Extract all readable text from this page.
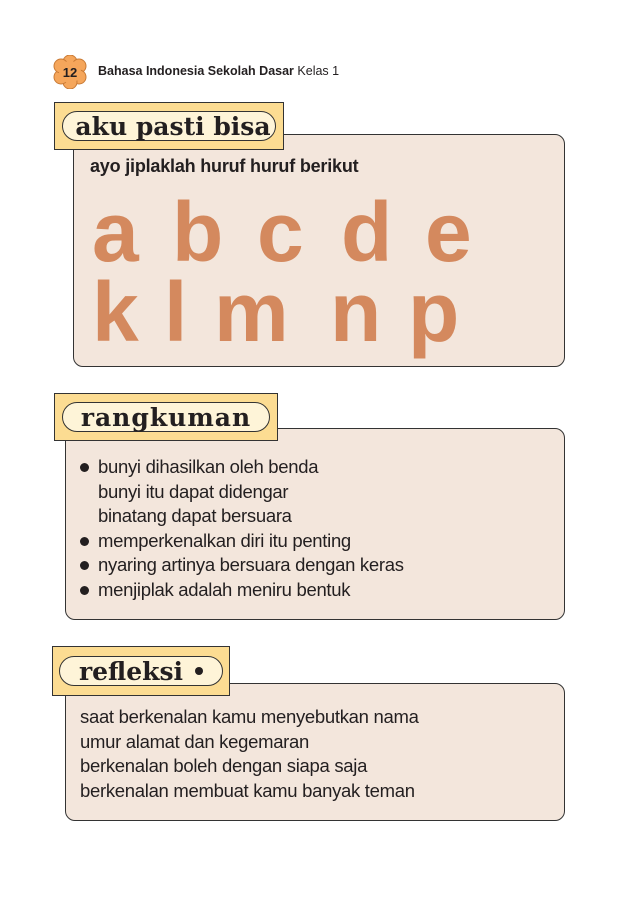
12 Bahasa Indonesia Sekolah Dasar Kelas 1
aku pasti bisa
ayo jiplaklah huruf huruf berikut
a b c d e
k l m n p
rangkuman
bunyi dihasilkan oleh benda
bunyi itu dapat didengar
binatang dapat bersuara
memperkenalkan diri itu penting
nyaring artinya bersuara dengan keras
menjiplak adalah meniru bentuk
refleksi
saat berkenalan kamu menyebutkan nama
umur alamat dan kegemaran
berkenalan boleh dengan siapa saja
berkenalan membuat kamu banyak teman
